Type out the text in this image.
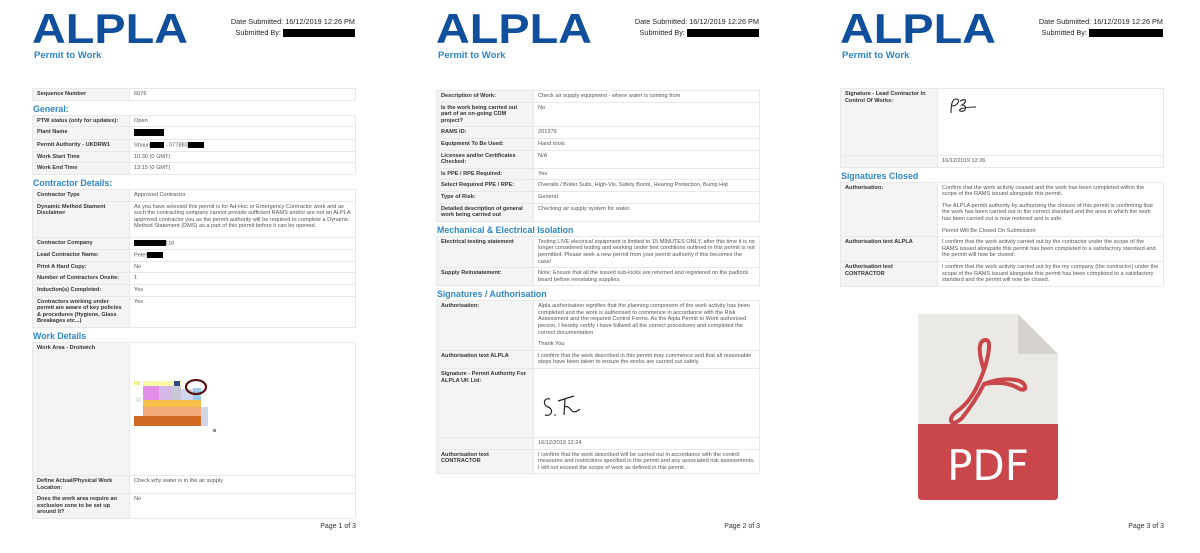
ALPLA
Permit to Work
Date Submitted:
16/12/2019 12:26 PM
Submitted By:

Sequence Number	6076
General:
PTW status (only for updates):	Open
Plant Name	
Permit Authority - UKDRW1	Shaun - 077883
Work Start Time	10:30 (0 GMT)
Work End Time	13:15 (0 GMT)
Contractor Details:
Contractor Type	Approved Contractor
Dynamic Method Stament Disclaimer	As you have selected this permit is for Ad-Hoc or Emergency Contractor work and as such the contracting company cannot provide sufficient RAMS and/or are not an ALPLA approved contractor you as the permit authority will be required to complete a Dynamic Method Statement (DMS) as a part of this permit before it can be opened.
Contractor Company	Ltd
Lead Contractor Name:	Peter
Print A Hard Copy:	No
Number of Contractors Onsite:	1
Induction(s) Completed:	Yes
Contractors working under permit are aware of key policies & procedures (Hygiene, Glass Breakages etc...)	Yes
Work Details
Work Area - Droitwich	

Define Actual/Physical Work Location:	Check why water is in the air supply
Does the work area require an exclusion zone to be set up around it?	No
Page 1 of 3
ALPLA
Permit to Work
Date Submitted:
16/12/2019 12:26 PM
Submitted By:

Description of Work:	Check air supply equipment - where water is coming from
Is the work being carried out part of an on-going CDM project?	No
RAMS ID:	201379
Equipment To Be Used:	Hand tools
Licenses and/or Certificates Checked:	N/A
Is PPE / RPE Required:	Yes
Select Required PPE / RPE:	Overalls / Boiler Suits, High-Vis, Safety Boots, Hearing Protection, Bump Hat
Type of Risk:	General
Detailed description of general work being carried out	Checking air supply system for water.
Mechanical & Electrical Isolation
Electrical testing statement	Testing LIVE electrical equipment is limited to 15 MINUTES ONLY, after this time it is no longer considered testing and working under test conditions outlined in this permit is not permitted. Please seek a new permit from your permit authority if this becomes the case!
Supply Reinstatement:	Note: Ensure that all the issued sub-locks are returned and registered on the padlock board before reinstating supplies.
Signatures / Authorisation
Authorisation:	Alpla authorisation signifies that the planning component of the work activity has been completed and the work is authorised to commence in accordance with the Risk Assessment and the required Control Forms. As the Alpla Permit to Work authorised person, I hereby certify I have follwed all the correct procedures and completed the correct documentation

Thank You

Authorisation text ALPLA	I confirm that the work described in this permit may commence and that all reasonable steps have been taken to ensure the works are carried out safely.
Signature - Permit Authority For ALPLA UK Ltd:	

	16/12/2019 12:24
Authorisation text CONTRACTOR	I confirm that the work described will be carried out in accordance with the control measures and restrictions specified in this permit and any associated risk assessments. I will not exceed the scope of work as defined in this permit.
Page 2 of 3
ALPLA
Permit to Work
Date Submitted:
16/12/2019 12:26 PM
Submitted By:

Signature - Lead Contractor In Control Of Works:	

	16/12/2019 12:26
Signatures Closed
Authorisation:	Confirm that the work activity ceased and the work has been completed within the scope of the RAMS issued alongside this permit.

The ALPLA permit authority by authorising the closure of this permit is confirming that the work has been carried out to the correct standard and the area in which the work has been carried out is now restored and is safe.

Permit Will Be Closed On Submission

Authorisation text ALPLA	I confirm that the work activity carried out by the contractor under the scope of the RAMS issued alongside this permit has been completed to a satisfactory standard and the permit will now be closed.
Authorisation text CONTRACTOR	I confirm that the work activity carried out by the my company (the contractor) under the scope of the RAMS issued alongside this permit has been completed to a satisfactory standard and the permit will now be closed.
PDF
Page 3 of 3
